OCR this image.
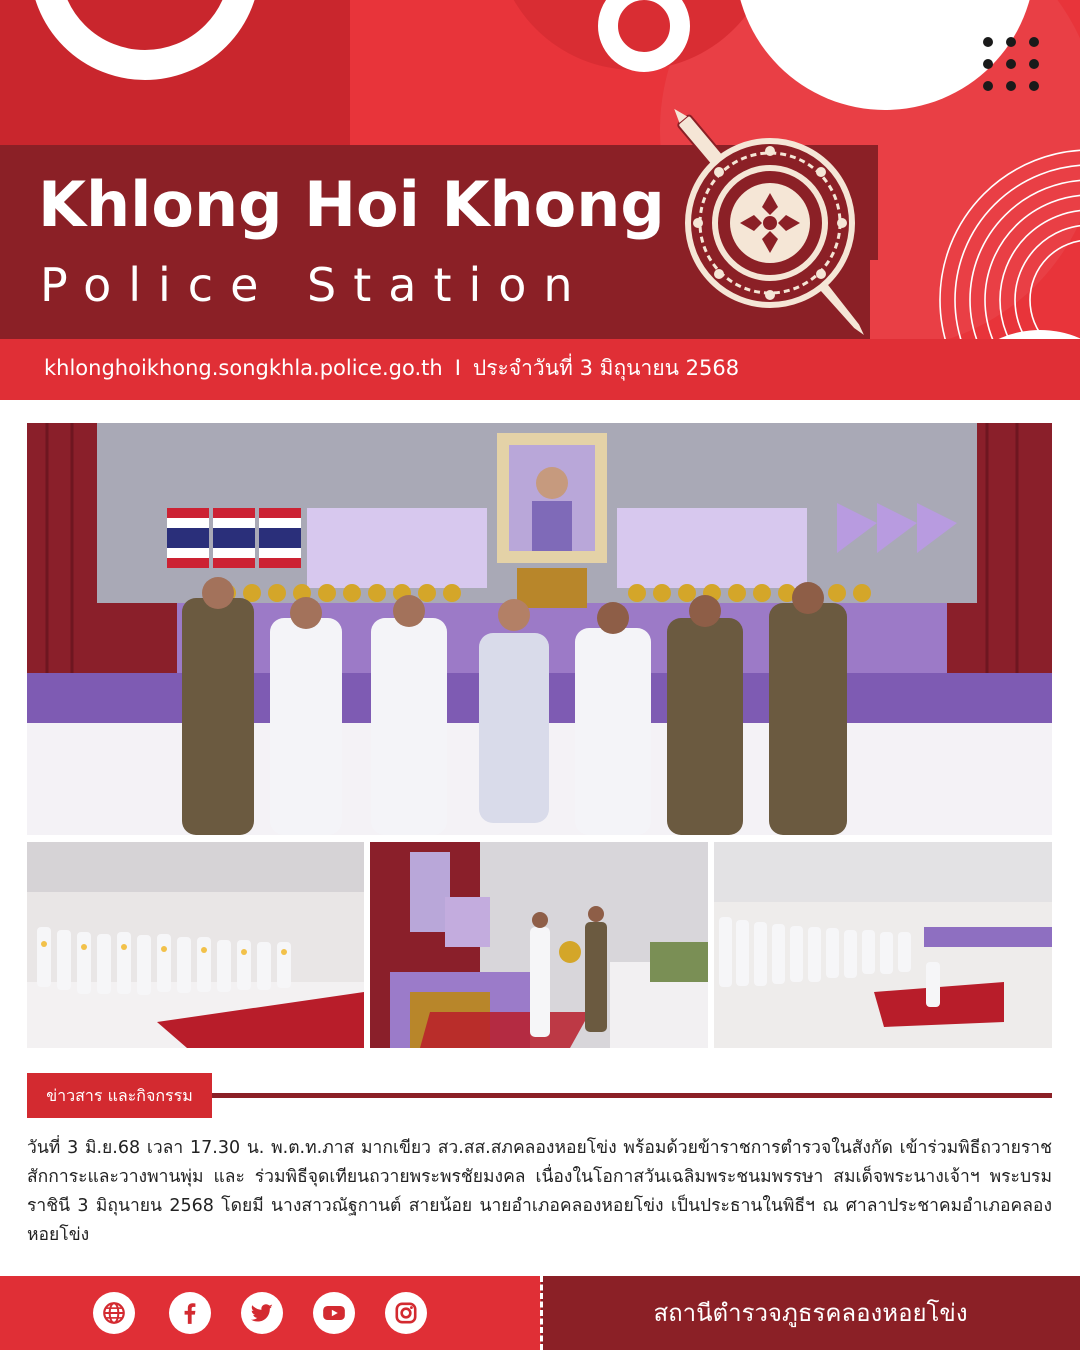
Khlong Hoi Khong
Police Station
khlonghoikhong.songkhla.police.go.th I ประจำวันที่ 3 มิถุนายน 2568
ข่าวสาร และกิจกรรม

วันที่ 3 มิ.ย.68 เวลา 17.30 น. พ.ต.ท.ภาส มากเขียว สว.สส.สภคลองหอยโข่ง พร้อมด้วยข้าราชการตำรวจในสังกัด เข้าร่วมพิธีถวายราชสักการะและวางพานพุ่ม และ ร่วมพิธีจุดเทียนถวายพระพรชัยมงคล เนื่องในโอกาสวันเฉลิมพระชนมพรรษา สมเด็จพระนางเจ้าฯ พระบรมราชินี 3 มิถุนายน 2568 โดยมี นางสาวณัฐกานต์ สายน้อย นายอำเภอคลองหอยโข่ง เป็นประธานในพิธีฯ ณ ศาลาประชาคมอำเภอคลองหอยโข่ง

สถานีตำรวจภูธรคลองหอยโข่ง
